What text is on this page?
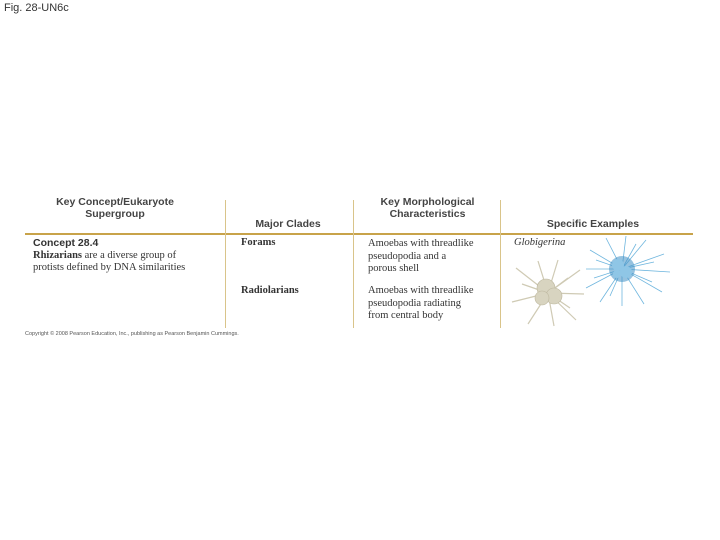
Fig. 28-UN6c
Key Concept/Eukaryote
Supergroup
Major Clades
Key Morphological
Characteristics
Specific Examples
Concept 28.4
Rhizarians are a diverse group of
protists defined by DNA similarities
Forams	Amoebas with threadlike
pseudopodia and a
porous shell
Globigerina
Radiolarians	Amoebas with threadlike
pseudopodia radiating
from central body
Copyright © 2008 Pearson Education, Inc., publishing as Pearson Benjamin Cummings.
